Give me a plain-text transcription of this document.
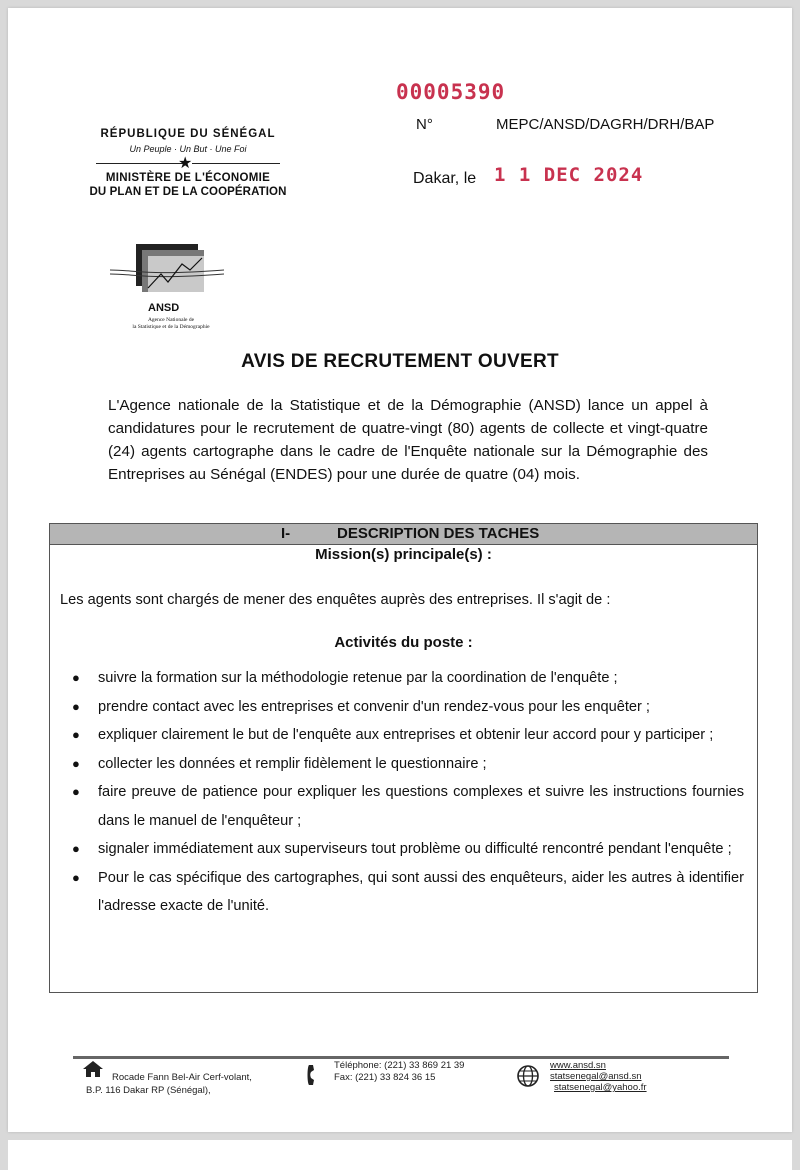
00005390
N°	MEPC/ANSD/DAGRH/DRH/BAP
Dakar, le 1 1 DEC 2024
RÉPUBLIQUE DU SÉNÉGAL
Un Peuple · Un But · Une Foi
★
MINISTÈRE DE L'ÉCONOMIE
DU PLAN ET DE LA COOPÉRATION
ANSD
Agence Nationale de
la Statistique et de la Démographie
AVIS DE RECRUTEMENT OUVERT
L'Agence nationale de la Statistique et de la Démographie (ANSD) lance un appel à candidatures pour le recrutement de quatre-vingt (80) agents de collecte et vingt-quatre (24) agents cartographe dans le cadre de l'Enquête nationale sur la Démographie des Entreprises au Sénégal (ENDES) pour une durée de quatre (04) mois.
I-	DESCRIPTION DES TACHES
Mission(s) principale(s) :
Les agents sont chargés de mener des enquêtes auprès des entreprises. Il s'agit de :
Activités du poste :
● suivre la formation sur la méthodologie retenue par la coordination de l'enquête ;
● prendre contact avec les entreprises et convenir d'un rendez-vous pour les enquêter ;
● expliquer clairement le but de l'enquête aux entreprises et obtenir leur accord pour y participer ;
● collecter les données et remplir fidèlement le questionnaire ;
● faire preuve de patience pour expliquer les questions complexes et suivre les instructions fournies dans le manuel de l'enquêteur ;
● signaler immédiatement aux superviseurs tout problème ou difficulté rencontré pendant l'enquête ;
● Pour le cas spécifique des cartographes, qui sont aussi des enquêteurs, aider les autres à identifier l'adresse exacte de l'unité.
Rocade Fann Bel-Air Cerf-volant,
B.P. 116 Dakar RP (Sénégal),
Téléphone: (221) 33 869 21 39
Fax: (221) 33 824 36 15
www.ansd.sn
statsenegal@ansd.sn
statsenegal@yahoo.fr
